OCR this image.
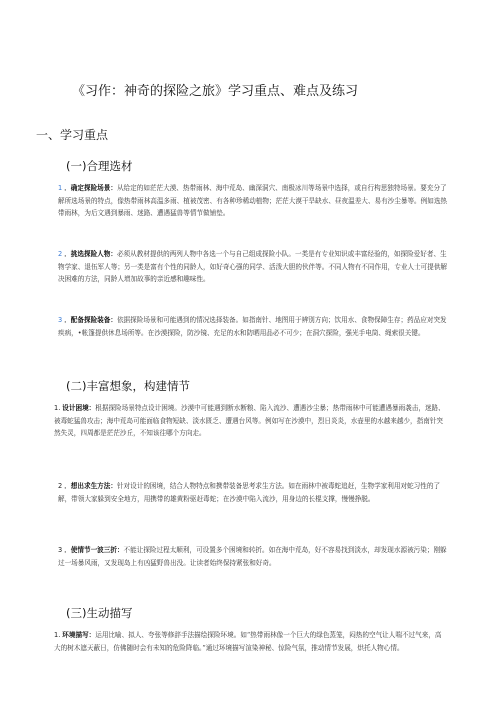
《习作：神奇的探险之旅》学习重点、难点及练习
一、学习重点
(一)合理选材
1 ．确定探险场景：从给定的如茫茫大漠、热带雨林、海中荒岛、幽深洞穴、南极冰川等场景中选择，或自行构思独特场景。要充分了解所选场景的特点，像热带雨林高温多雨、植被茂密、有各种珍稀动植物；茫茫大漠干旱缺水、昼夜温差大、易有沙尘暴等。例如选热带雨林，为后文遇到暴雨、迷路、遭遇猛兽等情节做铺垫。
2 ．挑选探险人物：必须从教材提供的两列人物中各选一个与自己组成探险小队。一类是有专业知识或丰富经验的，如探险爱好者、生物学家、退伍军人等；另一类是富有个性的同龄人，如好奇心强的同学、活泼大胆的伙伴等。不同人物有不同作用，专业人士可提供解决困难的方法，同龄人增加故事的亲近感和趣味性。
3 ．配备探险装备：依据探险场景和可能遇到的情况选择装备。如指南针、地图用于辨别方向；饮用水、食物保障生存；药品应对突发疾病，•帐篷提供休息场所等。在沙漠探险，防沙镜、充足的水和防晒用品必不可少；在洞穴探险，强光手电筒、绳索很关键。
(二)丰富想象，构建情节
1. 设计困境：根据探险场景特点设计困境。沙漠中可能遇到断水断粮、陷入流沙、遭遇沙尘暴；热带雨林中可能遭遇暴雨袭击，迷路、被毒蛇猛兽攻击；海中荒岛可能面临食物短缺、淡水匮乏、遭遇台风等。例如写在沙漠中，烈日炎炎，水壶里的水越来越少，指南针突然失灵，四周都是茫茫沙丘，不知该往哪个方向走。
2 ．想出求生方法：针对设计的困境，结合人物特点和携带装备思考求生方法。如在雨林中被毒蛇追赶，生物学家利用对蛇习性的了解，带领大家躲到安全地方，用携带的雄黄粉驱赶毒蛇；在沙漠中陷入流沙，用身边的长棍支撑，慢慢挣脱。
3 ．使情节一波三折：不能让探险过程太顺利，可设置多个困境和转折。如在海中荒岛，好不容易找到淡水，却发现水源被污染；刚躲过一场暴风雨，又发现岛上有凶猛野兽出没。让读者始终保持紧张和好奇。
(三)生动描写
1. 环境描写：运用比喻、拟人、夸张等修辞手法描绘探险环境。如“热带雨林像一个巨大的绿色蒸笼，闷热的空气让人喘不过气来，高大的树木遮天蔽日，仿佛随时会有未知的危险降临。”通过环境描写渲染神秘、惊险气氛，推动情节发展，烘托人物心情。
